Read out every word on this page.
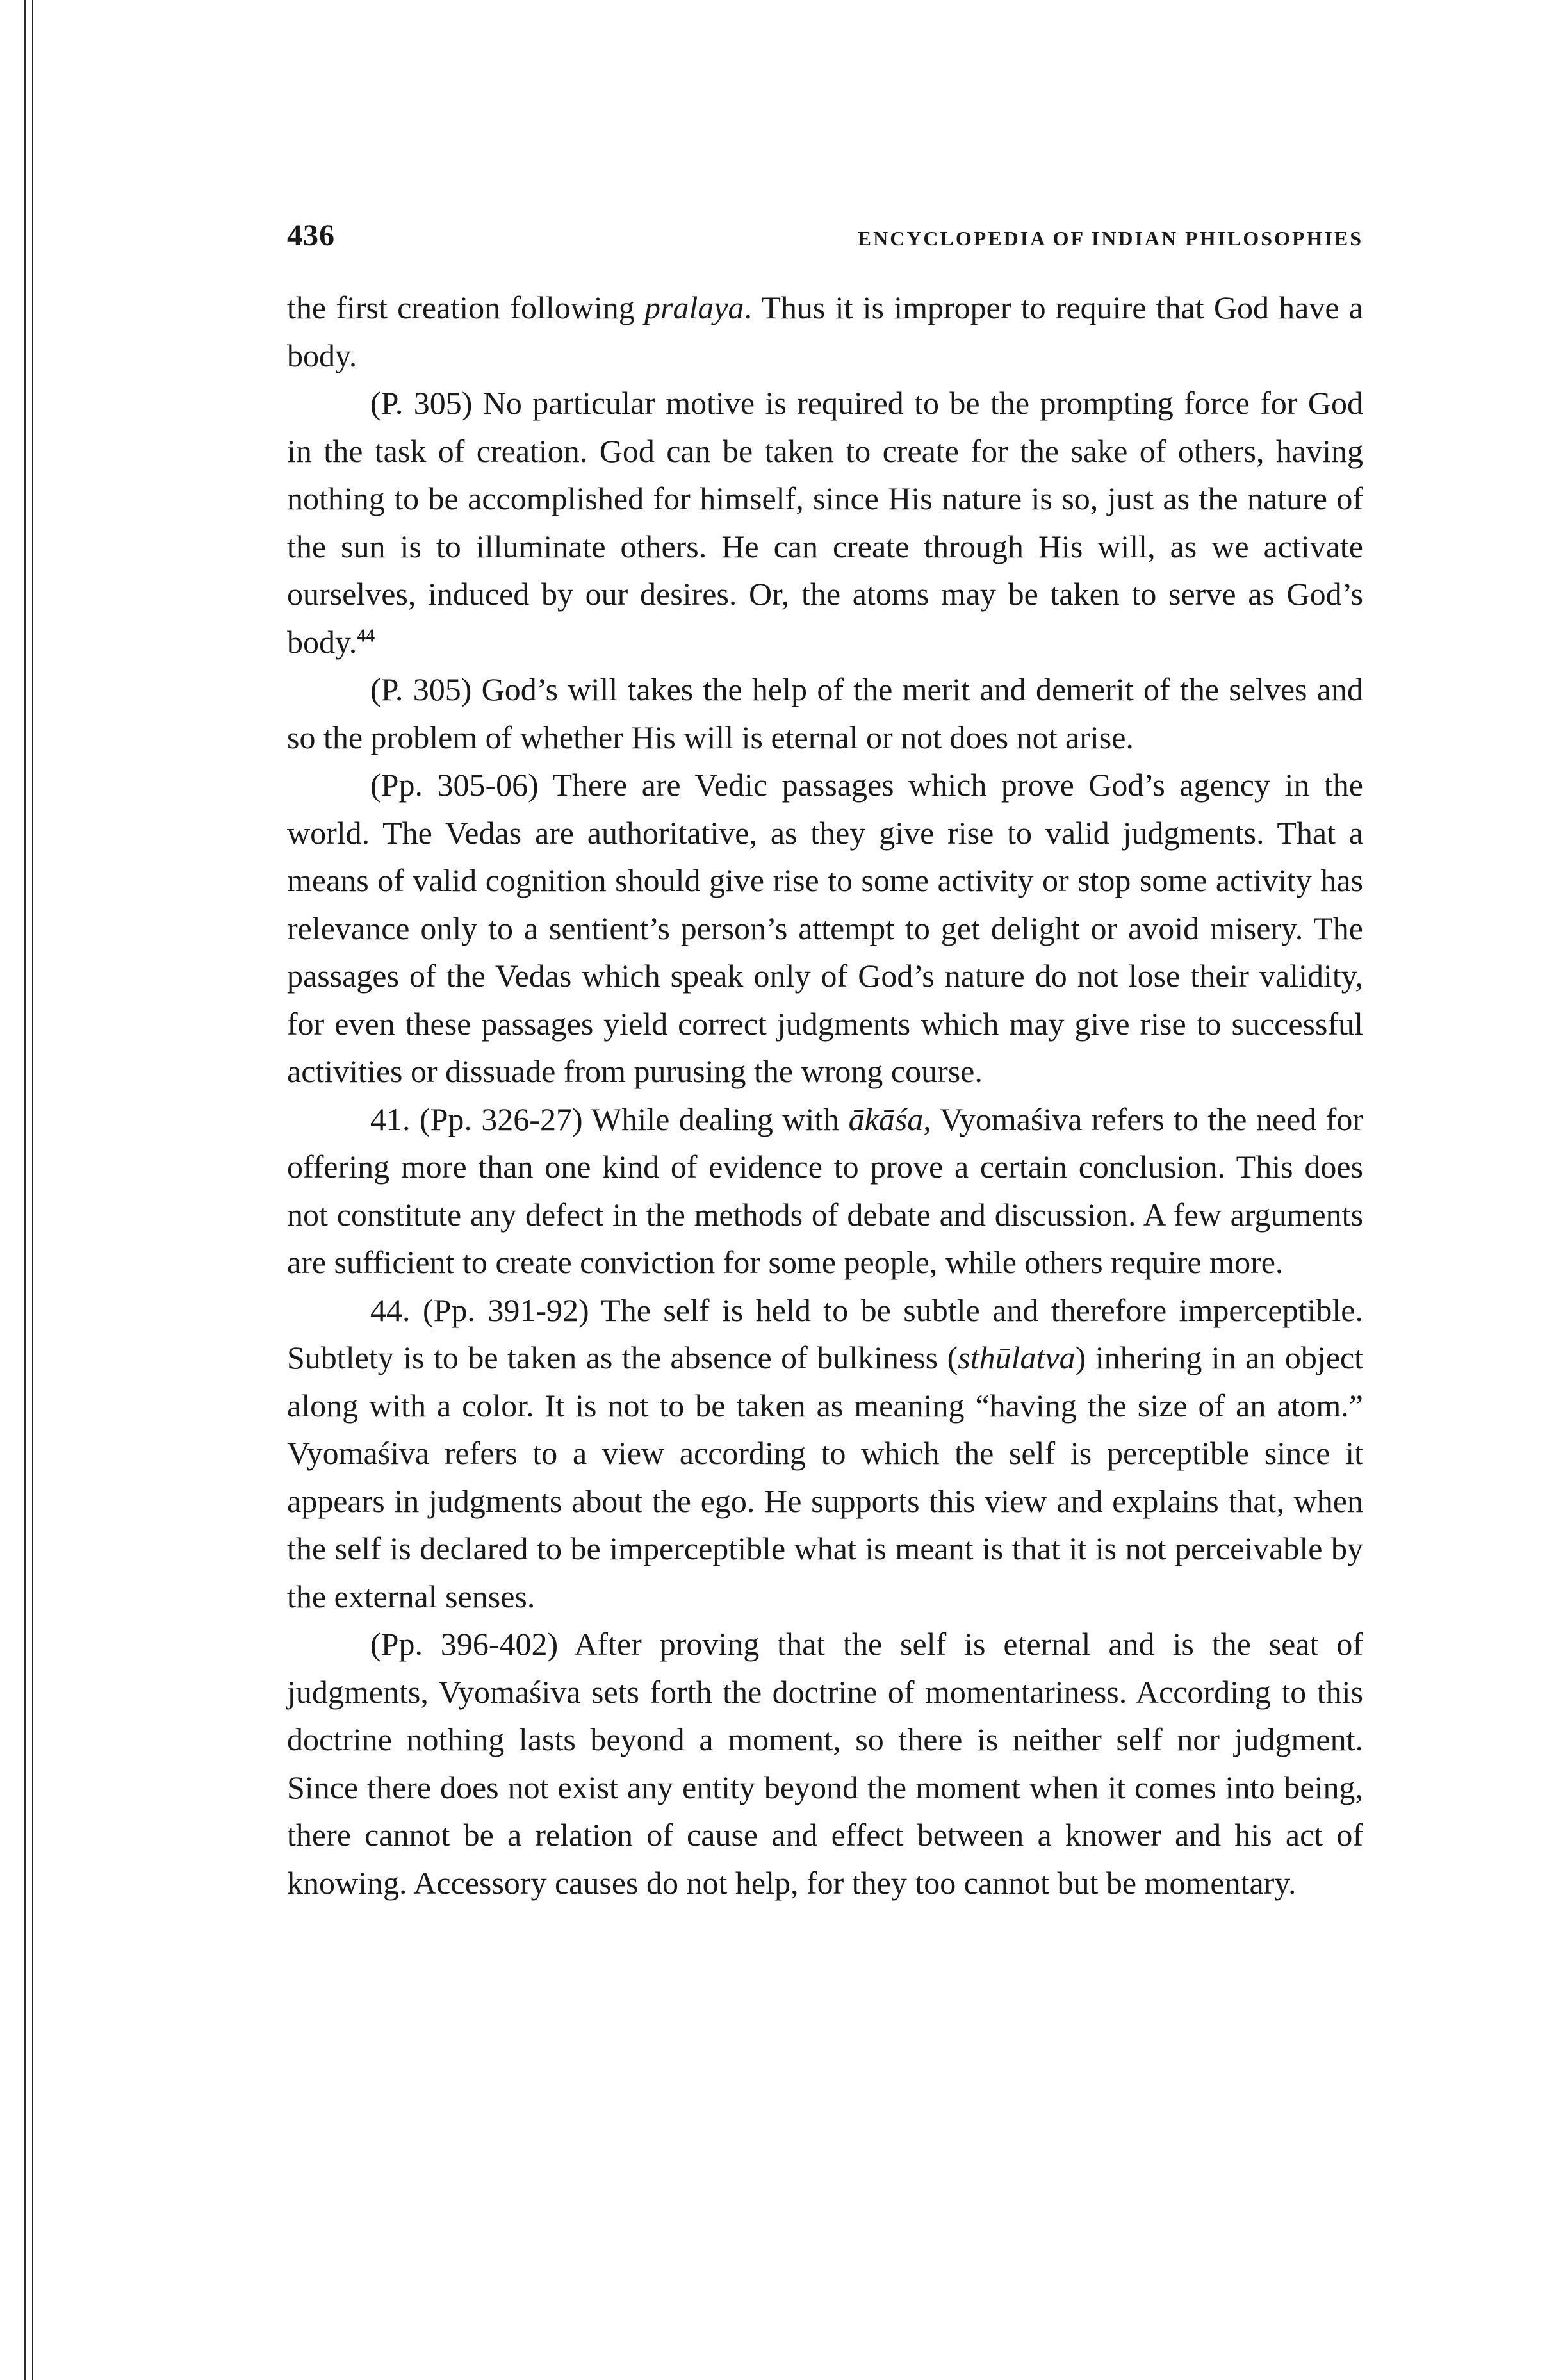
436	ENCYCLOPEDIA OF INDIAN PHILOSOPHIES

the first creation following pralaya. Thus it is improper to require that God have a body.

(P. 305) No particular motive is required to be the prompting force for God in the task of creation. God can be taken to create for the sake of others, having nothing to be accomplished for himself, since His nature is so, just as the nature of the sun is to illuminate others. He can create through His will, as we activate ourselves, induced by our desires. Or, the atoms may be taken to serve as God’s body.$^{44}$

(P. 305) God’s will takes the help of the merit and demerit of the selves and so the problem of whether His will is eternal or not does not arise.

(Pp. 305-06) There are Vedic passages which prove God’s agency in the world. The Vedas are authoritative, as they give rise to valid judgments. That a means of valid cognition should give rise to some activity or stop some activity has relevance only to a sentient’s person’s attempt to get delight or avoid misery. The passages of the Vedas which speak only of God’s nature do not lose their validity, for even these passages yield correct judgments which may give rise to successful activities or dissuade from purusing the wrong course.

41. (Pp. 326-27) While dealing with ākāśa, Vyomaśiva refers to the need for offering more than one kind of evidence to prove a certain conclusion. This does not constitute any defect in the methods of debate and discussion. A few arguments are sufficient to create conviction for some people, while others require more.

44. (Pp. 391-92) The self is held to be subtle and therefore imperceptible. Subtlety is to be taken as the absence of bulkiness (sthūlatva) inhering in an object along with a color. It is not to be taken as meaning “having the size of an atom.” Vyomaśiva refers to a view according to which the self is perceptible since it appears in judgments about the ego. He supports this view and explains that, when the self is declared to be imperceptible what is meant is that it is not perceivable by the external senses.

(Pp. 396-402) After proving that the self is eternal and is the seat of judgments, Vyomaśiva sets forth the doctrine of momentariness. According to this doctrine nothing lasts beyond a moment, so there is neither self nor judgment. Since there does not exist any entity beyond the moment when it comes into being, there cannot be a relation of cause and effect between a knower and his act of knowing. Accessory causes do not help, for they too cannot but be momentary.
